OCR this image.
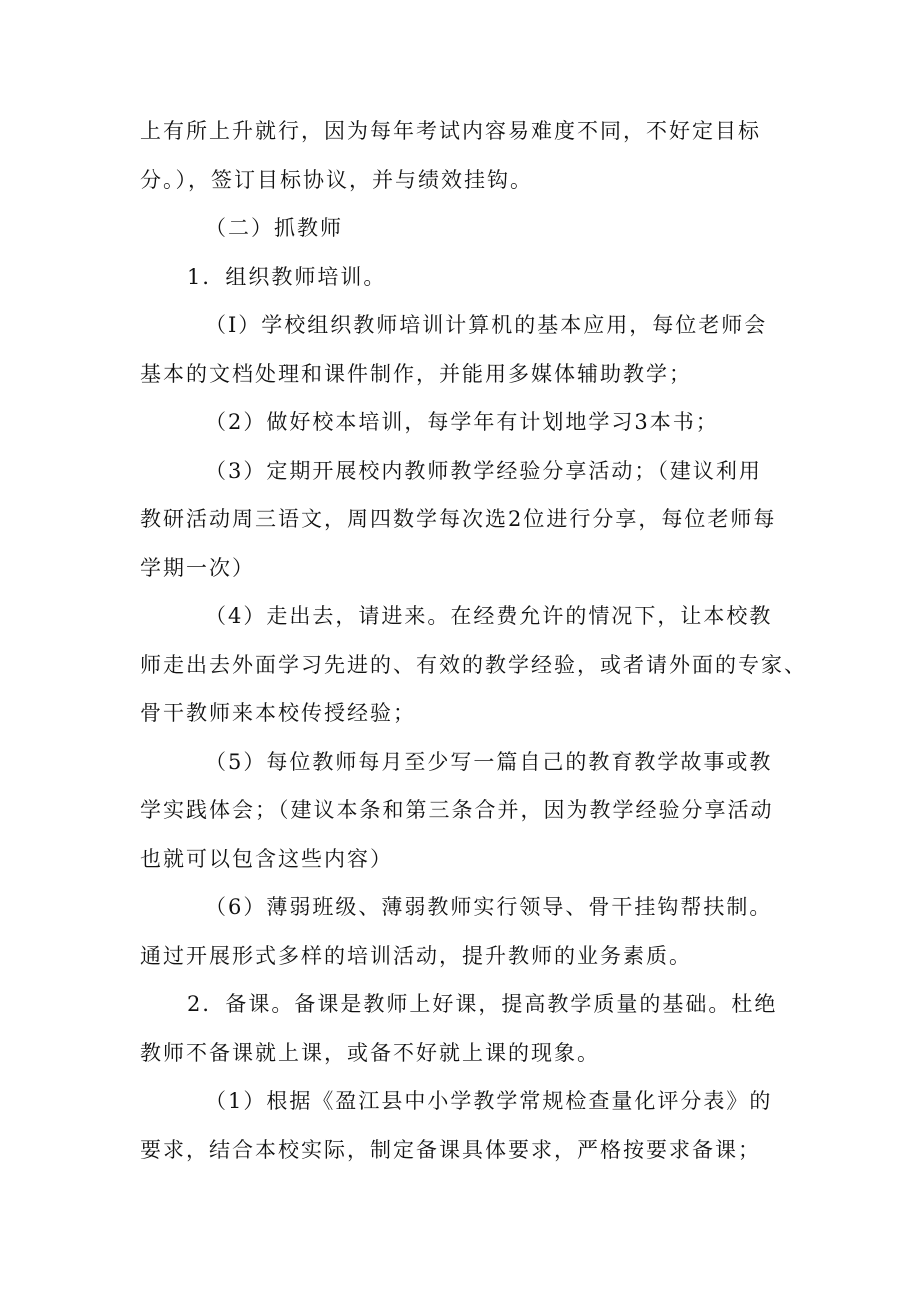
上有所上升就行，因为每年考试内容易难度不同，不好定目标

分。），签订目标协议，并与绩效挂钩。

（二）抓教师

1．组织教师培训。

（I）学校组织教师培训计算机的基本应用，每位老师会

基本的文档处理和课件制作，并能用多媒体辅助教学；

（2）做好校本培训，每学年有计划地学习3本书；

（3）定期开展校内教师教学经验分享活动；（建议利用

教研活动周三语文，周四数学每次选2位进行分享，每位老师每

学期一次）

（4）走出去，请进来。在经费允许的情况下，让本校教

师走出去外面学习先进的、有效的教学经验，或者请外面的专家、

骨干教师来本校传授经验；

（5）每位教师每月至少写一篇自己的教育教学故事或教

学实践体会；（建议本条和第三条合并，因为教学经验分享活动

也就可以包含这些内容）

（6）薄弱班级、薄弱教师实行领导、骨干挂钩帮扶制。

通过开展形式多样的培训活动，提升教师的业务素质。

2．备课。备课是教师上好课，提高教学质量的基础。杜绝

教师不备课就上课，或备不好就上课的现象。

（1）根据《盈江县中小学教学常规检查量化评分表》的

要求，结合本校实际，制定备课具体要求，严格按要求备课；
